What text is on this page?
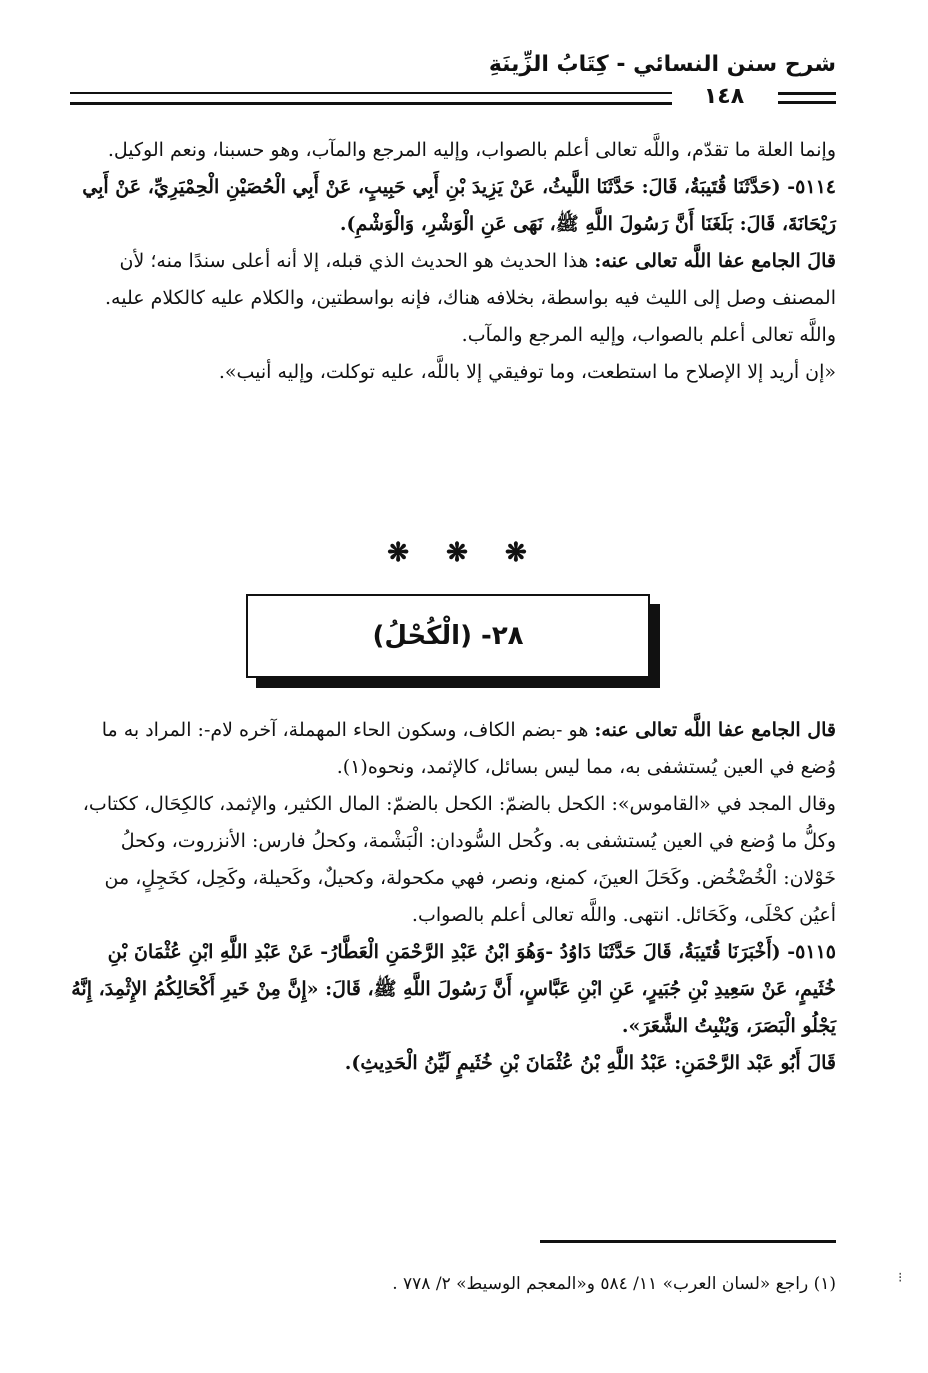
شرح سنن النسائي - كِتَابُ الزِّينَةِ
١٤٨

وإنما العلة ما تقدّم، واللَّه تعالى أعلم بالصواب، وإليه المرجع والمآب، وهو حسبنا، ونعم الوكيل.

٥١١٤- (حَدَّثَنَا قُتَيبَةُ، قَالَ: حَدَّثَنَا اللَّيثُ، عَنْ يَزِيدَ بْنِ أَبِي حَبِيبٍ، عَنْ أَبِي الْحُصَيْنِ الْحِمْيَرِيِّ، عَنْ أَبِي رَيْحَانَةَ، قَالَ: بَلَغَنَا أَنَّ رَسُولَ اللَّهِ ﷺ، نَهَى عَنِ الْوَشْرِ، وَالْوَشْمِ).

قالَ الجامع عفا اللَّه تعالى عنه: هذا الحديث هو الحديث الذي قبله، إلا أنه أعلى سندًا منه؛ لأن المصنف وصل إلى الليث فيه بواسطة، بخلافه هناك، فإنه بواسطتين، والكلام عليه كالكلام عليه. واللَّه تعالى أعلم بالصواب، وإليه المرجع والمآب.

«إن أريد إلا الإصلاح ما استطعت، وما توفيقي إلا باللَّه، عليه توكلت، وإليه أنيب».

❋ ❋ ❋
٢٨- (الْكُحْلُ)

قال الجامع عفا اللَّه تعالى عنه: هو -بضم الكاف، وسكون الحاء المهملة، آخره لام-: المراد به ما وُضع في العين يُستشفى به، مما ليس بسائل، كالإثمد، ونحوه(١).

وقال المجد في «القاموس»: الكحل بالضمّ: الكحل بالضمّ: المال الكثير، والإثمد، كالكِحَال، ككتاب، وكلُّ ما وُضع في العين يُستشفى به. وكُحل السُّودان: الْبَشْمة، وكحلُ فارس: الأنزروت، وكحلُ خَوْلان: الْخُضْخُض. وكَحَلَ العينَ، كمنع، ونصر، فهي مكحولة، وكحيلٌ، وكَحيلة، وكَحِل، كخَجِلٍ، من أعيُن كحْلَى، وكَحَائل. انتهى. واللَّه تعالى أعلم بالصواب.

٥١١٥- (أَخْبَرَنَا قُتَيبَةُ، قَالَ حَدَّثَنَا دَاوُدُ -وَهُوَ ابْنُ عَبْدِ الرَّحْمَنِ الْعَطَّارُ- عَنْ عَبْدِ اللَّهِ ابْنِ عُثْمَانَ بْنِ خُثَيمٍ، عَنْ سَعِيدِ بْنِ جُبَيرٍ، عَنِ ابْنِ عَبَّاسٍ، أَنَّ رَسُولَ اللَّهِ ﷺ، قَالَ: «إِنَّ مِنْ خَيرِ أَكْحَالِكُمُ الإِثْمِدَ، إِنَّهُ يَجْلُو الْبَصَرَ، وَيُنْبِتُ الشَّعَرَ».

قَالَ أَبُو عَبْد الرَّحْمَنِ: عَبْدُ اللَّهِ بْنُ عُثْمَانَ بْنِ خُثَيمٍ لَيِّنُ الْحَدِيثِ).

(١) راجع «لسان العرب» ١١/ ٥٨٤ و«المعجم الوسيط» ٢/ ٧٧٨ .	⁝
